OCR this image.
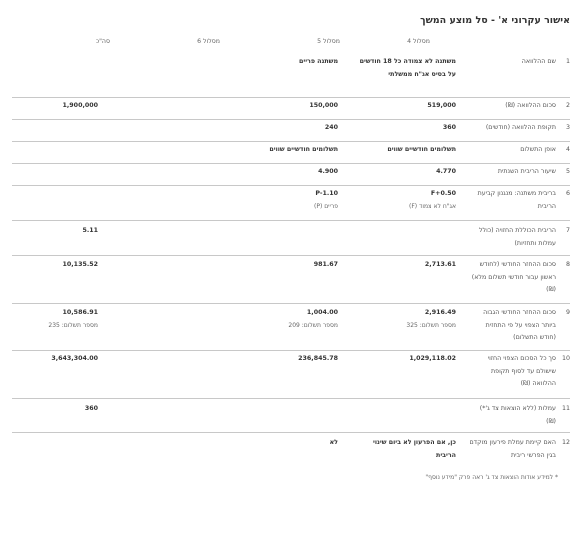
אישור עקרוני א' - סל מוצע המשך
מסלול 4
מסלול 5
מסלול 6
סה"כ
1
שם ההלוואה
משתנה לא צמודה כל 18 חודשים על בסיס אג"ח ממשלתי
משתנה פריים
2
סכום ההלוואה (₪)
519,000
150,000
1,900,000
3
תקופת ההלוואה (חודשים)
360
240
4
אופן התשלום
תשלומים חודשיים שווים
תשלומים חודשיים שווים
5
שיעור הריבית השנתית
4.770
4.900
6
בריבית משתנה: מנגנון קביעת הריבית
F+0.50
אג"ח לא צמוד (F)
P-1.10
פריים (P)
7
הריבית הכוללת החזויה (כולל עמלות ותחזיות)
5.11
8
סכום ההחזר החודשי (לחודש ראשון עבור חודשי תשלום מלא) (₪)
2,713.61
981.67
10,135.52
9
סכום ההחזר החודשי הגבוה ביותר הצפוי על פי התחזית (חודש התשלום)
2,916.49
מספר תשלום: 325
1,004.00
מספר תשלום: 209
10,586.91
מספר תשלום: 235
10
סך כל הסכום הצפוי החזוי שישולם עד לסוף תקופת ההלוואה (₪)
1,029,118.02
236,845.78
3,643,304.00
11
עמלות (ללא הוצאות צד ג'*) (₪)
360
12
האם קיימת עמלת פירעון מוקדם בגין הפרשי ריבית
כן, אם הפרעון לא ביום שינוי הריבית
לא
* למידע אודות הוצאות צד ג' ראה פרק "מידע נוסף"
